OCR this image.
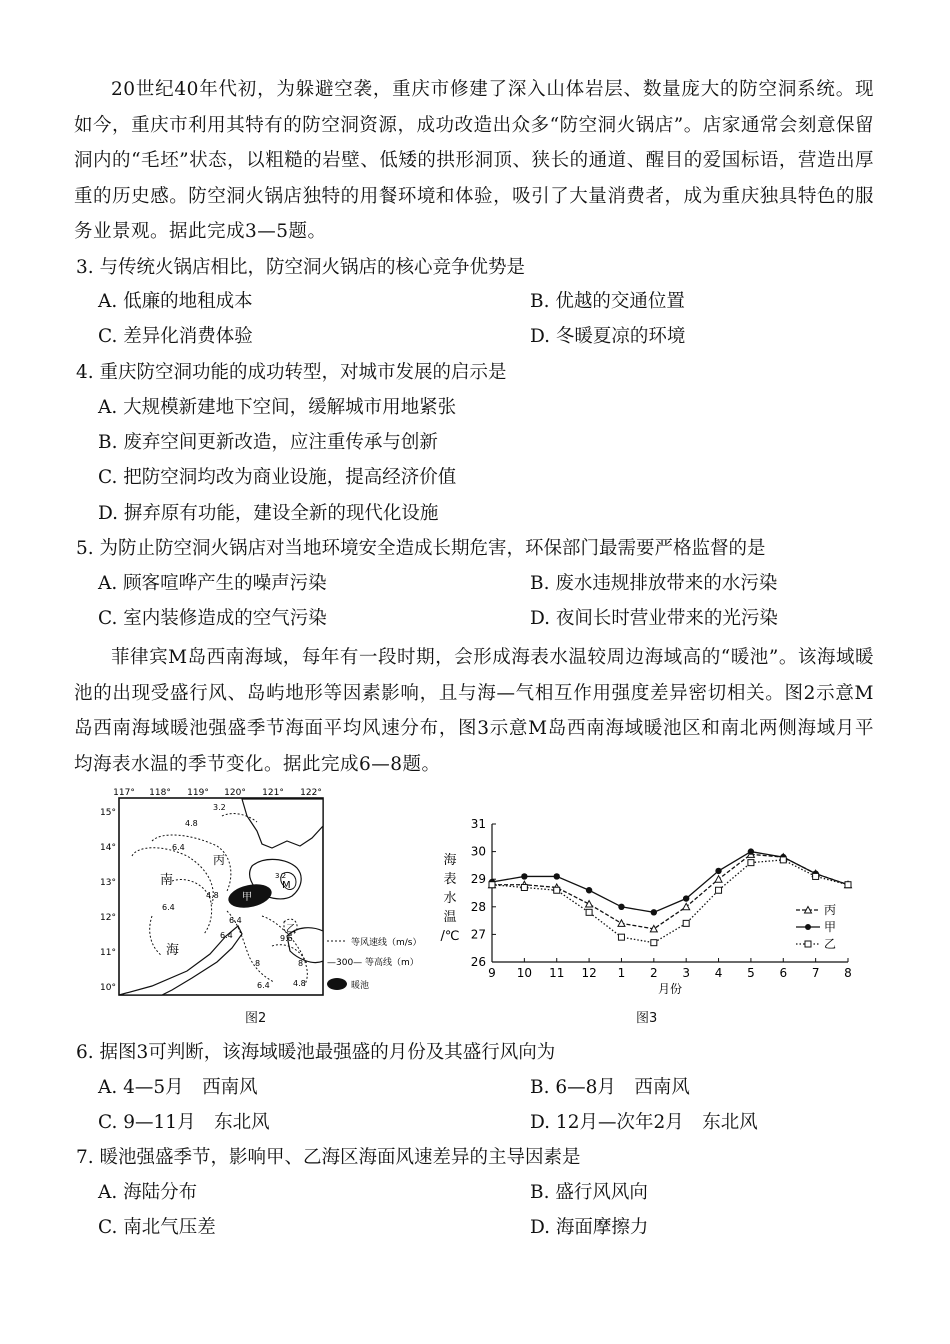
20世纪40年代初，为躲避空袭，重庆市修建了深入山体岩层、数量庞大的防空洞系统。现如今，重庆市利用其特有的防空洞资源，成功改造出众多“防空洞火锅店”。店家通常会刻意保留洞内的“毛坯”状态，以粗糙的岩壁、低矮的拱形洞顶、狭长的通道、醒目的爱国标语，营造出厚重的历史感。防空洞火锅店独特的用餐环境和体验，吸引了大量消费者，成为重庆独具特色的服务业景观。据此完成3—5题。
3. 与传统火锅店相比，防空洞火锅店的核心竞争优势是
A. 低廉的地租成本	B. 优越的交通位置
C. 差异化消费体验	D. 冬暖夏凉的环境
4. 重庆防空洞功能的成功转型，对城市发展的启示是
A. 大规模新建地下空间，缓解城市用地紧张
B. 废弃空间更新改造，应注重传承与创新
C. 把防空洞均改为商业设施，提高经济价值
D. 摒弃原有功能，建设全新的现代化设施
5. 为防止防空洞火锅店对当地环境安全造成长期危害，环保部门最需要严格监督的是
A. 顾客喧哗产生的噪声污染	B. 废水违规排放带来的水污染
C. 室内装修造成的空气污染	D. 夜间长时营业带来的光污染
菲律宾M岛西南海域，每年有一段时期，会形成海表水温较周边海域高的“暖池”。该海域暖池的出现受盛行风、岛屿地形等因素影响，且与海—气相互作用强度差异密切相关。图2示意M岛西南海域暖池强盛季节海面平均风速分布，图3示意M岛西南海域暖池区和南北两侧海域月平均海表水温的季节变化。据此完成6—8题。
117° 118° 119° 120° 121° 122°
15°
14°
13°
12°
11°
10°
3.2
4.8
6.4
4.8
6.4
6.4
6.4
8
9.6
8
6.4	4.8
3.2
南
海
丙
甲
乙
M
等风速线（m/s）
—300— 等高线（m）
暖池
图2
26
27
28
29
30
31
9 10 11 12 1 2 3 4 5 6 7 8
月份
海
表
水
温
/℃
丙
甲
乙
图3
6. 据图3可判断，该海域暖池最强盛的月份及其盛行风向为
A. 4—5月　西南风	B. 6—8月　西南风
C. 9—11月　东北风	D. 12月—次年2月　东北风
7. 暖池强盛季节，影响甲、乙海区海面风速差异的主导因素是
A. 海陆分布	B. 盛行风风向
C. 南北气压差	D. 海面摩擦力
